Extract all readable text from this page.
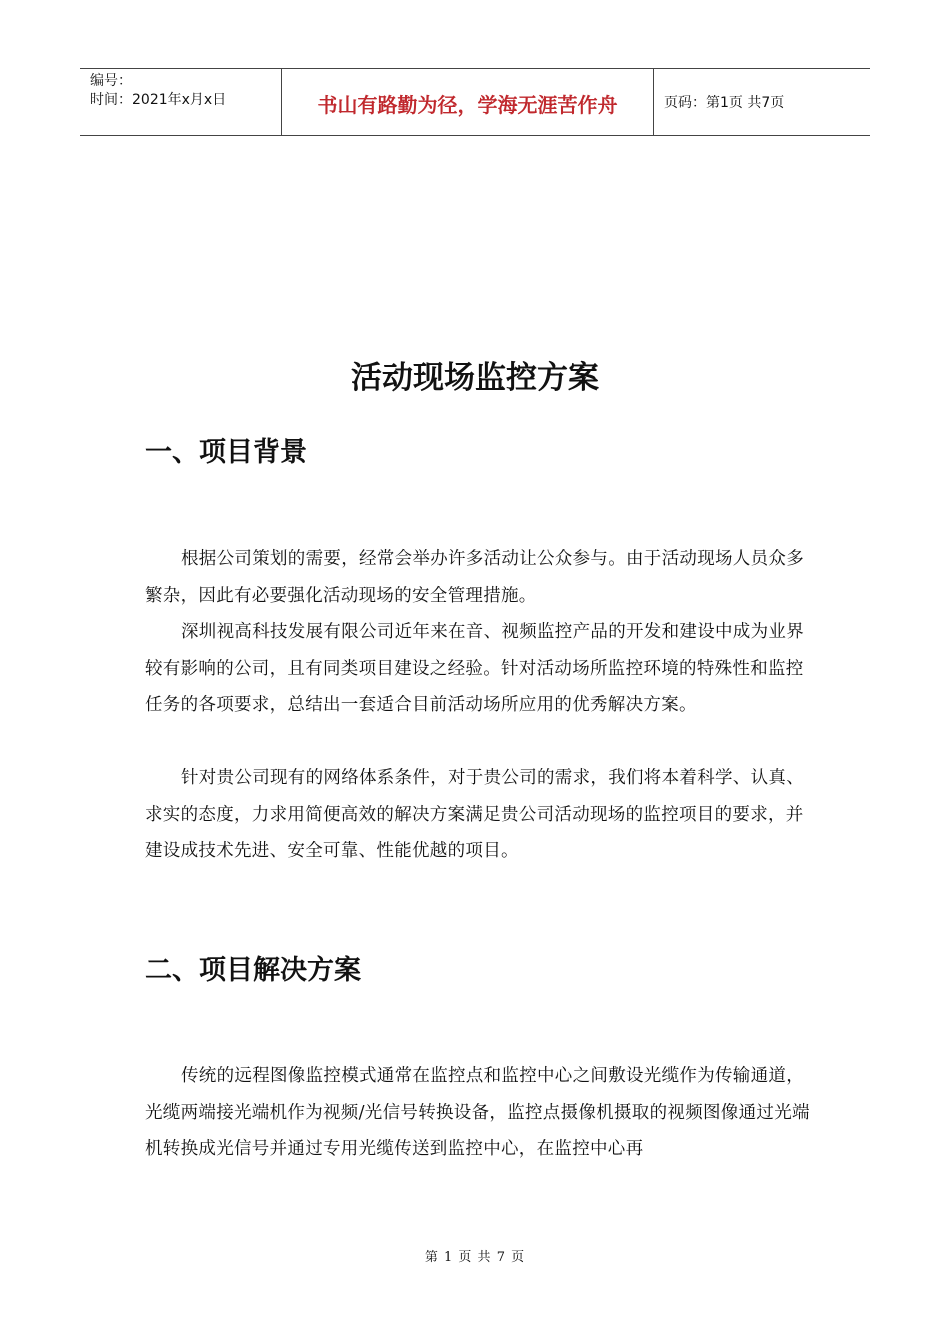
编号：
时间：2021年x月x日	书山有路勤为径，学海无涯苦作舟	页码：第1页 共7页
活动现场监控方案
一、项目背景

根据公司策划的需要，经常会举办许多活动让公众参与。由于活动现场人员众多繁杂，因此有必要强化活动现场的安全管理措施。

深圳视高科技发展有限公司近年来在音、视频监控产品的开发和建设中成为业界较有影响的公司，且有同类项目建设之经验。针对活动场所监控环境的特殊性和监控任务的各项要求，总结出一套适合目前活动场所应用的优秀解决方案。

针对贵公司现有的网络体系条件，对于贵公司的需求，我们将本着科学、认真、求实的态度，力求用简便高效的解决方案满足贵公司活动现场的监控项目的要求，并建设成技术先进、安全可靠、性能优越的项目。

二、项目解决方案

传统的远程图像监控模式通常在监控点和监控中心之间敷设光缆作为传输通道，光缆两端接光端机作为视频/光信号转换设备，监控点摄像机摄取的视频图像通过光端机转换成光信号并通过专用光缆传送到监控中心，在监控中心再

第 1 页 共 7 页
